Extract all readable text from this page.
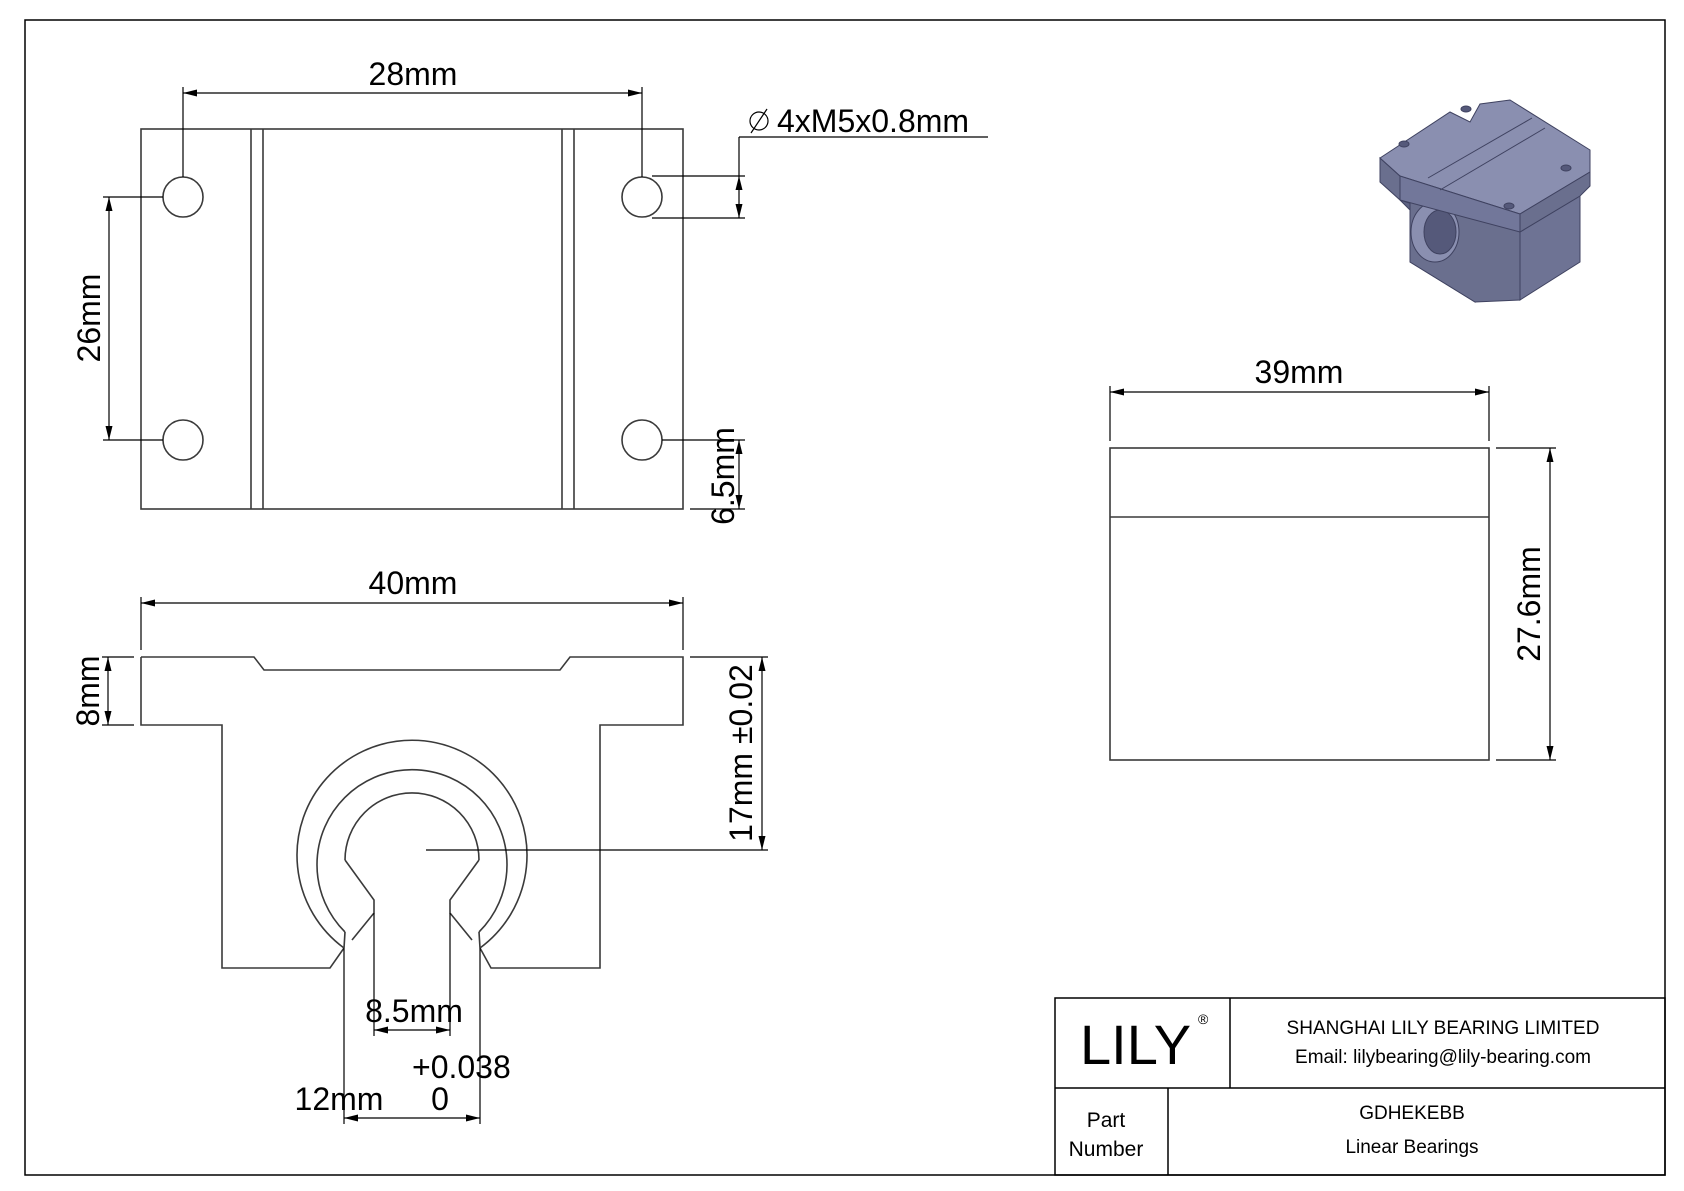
28mm
26mm
4xM5x0.8mm
6.5mm
40mm
8mm	17mm ±0.02
8.5mm
12mm
+0.038
0
39mm
27.6mm
LILY ®	SHANGHAI LILY BEARING LIMITED
Email: lilybearing@lily-bearing.com
Part
Number
GDHEKEBB
Linear Bearings
